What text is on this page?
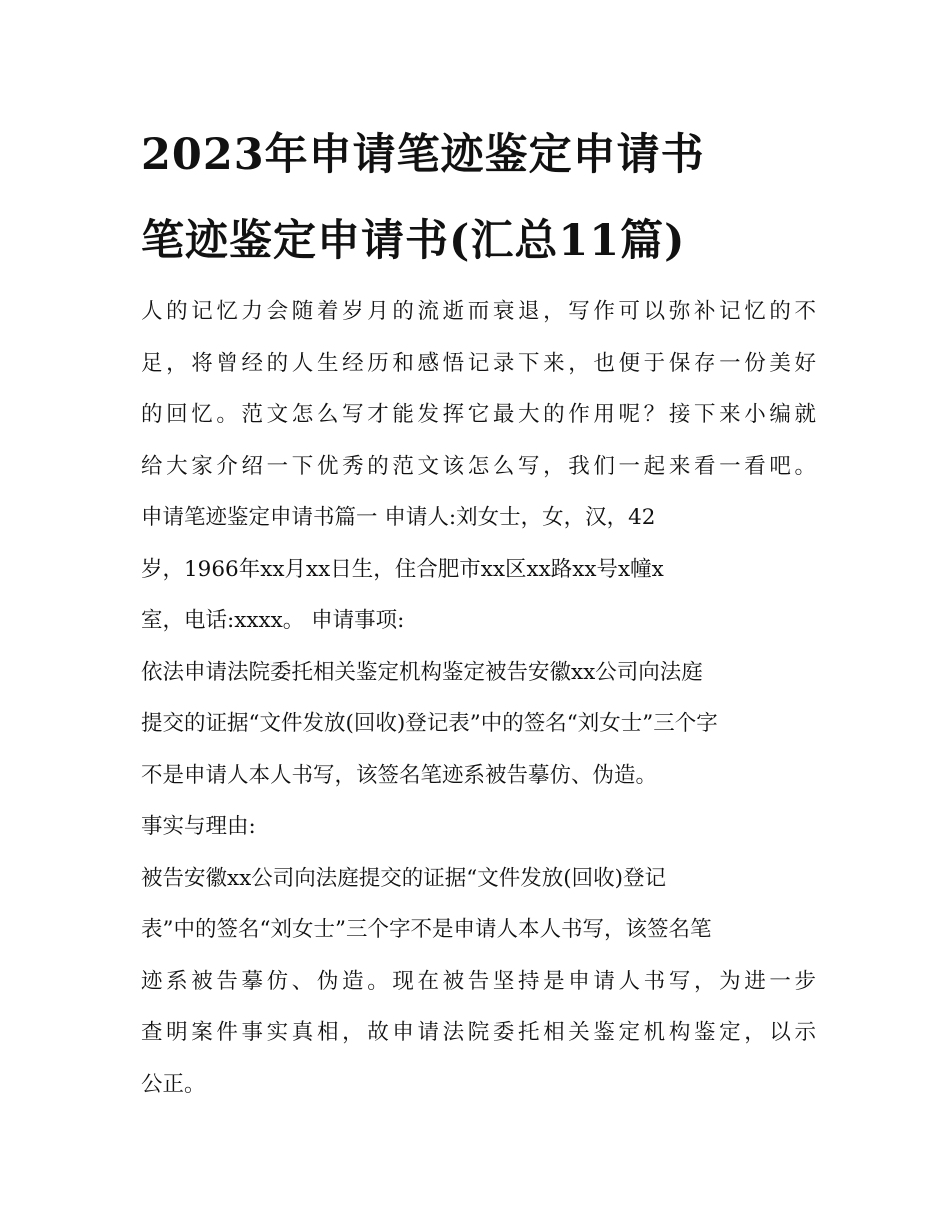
2023年申请笔迹鉴定申请书
笔迹鉴定申请书(汇总11篇)
人的记忆力会随着岁月的流逝而衰退，写作可以弥补记忆的不
足，将曾经的人生经历和感悟记录下来，也便于保存一份美好
的回忆。范文怎么写才能发挥它最大的作用呢？接下来小编就
给大家介绍一下优秀的范文该怎么写，我们一起来看一看吧。
申请笔迹鉴定申请书篇一 申请人:刘女士，女，汉，42
岁，1966年xx月xx日生，住合肥市xx区xx路xx号x幢x
室，电话:xxxx。 申请事项:
依法申请法院委托相关鉴定机构鉴定被告安徽xx公司向法庭
提交的证据“文件发放(回收)登记表”中的签名“刘女士”三个字
不是申请人本人书写，该签名笔迹系被告摹仿、伪造。
事实与理由:
被告安徽xx公司向法庭提交的证据“文件发放(回收)登记
表”中的签名“刘女士”三个字不是申请人本人书写，该签名笔
迹系被告摹仿、伪造。现在被告坚持是申请人书写，为进一步
查明案件事实真相，故申请法院委托相关鉴定机构鉴定，以示
公正。
